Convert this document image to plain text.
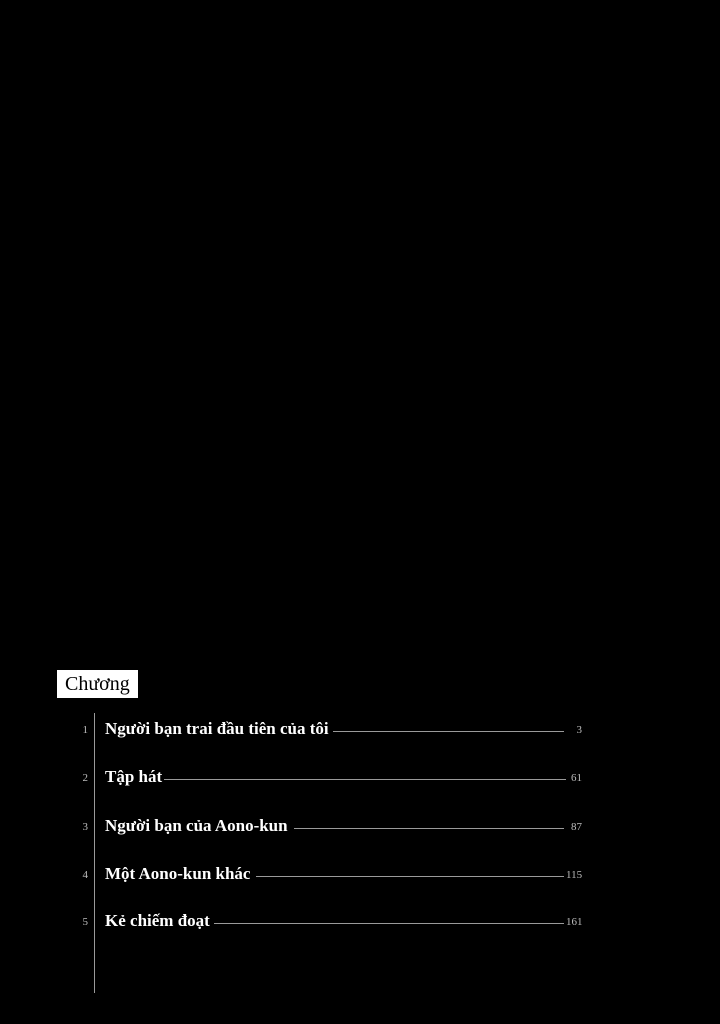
Chương
1 Người bạn trai đầu tiên của tôi	3
2 Tập hát	61
3 Người bạn của Aono-kun	87
4 Một Aono-kun khác	115
5 Kẻ chiếm đoạt	161
